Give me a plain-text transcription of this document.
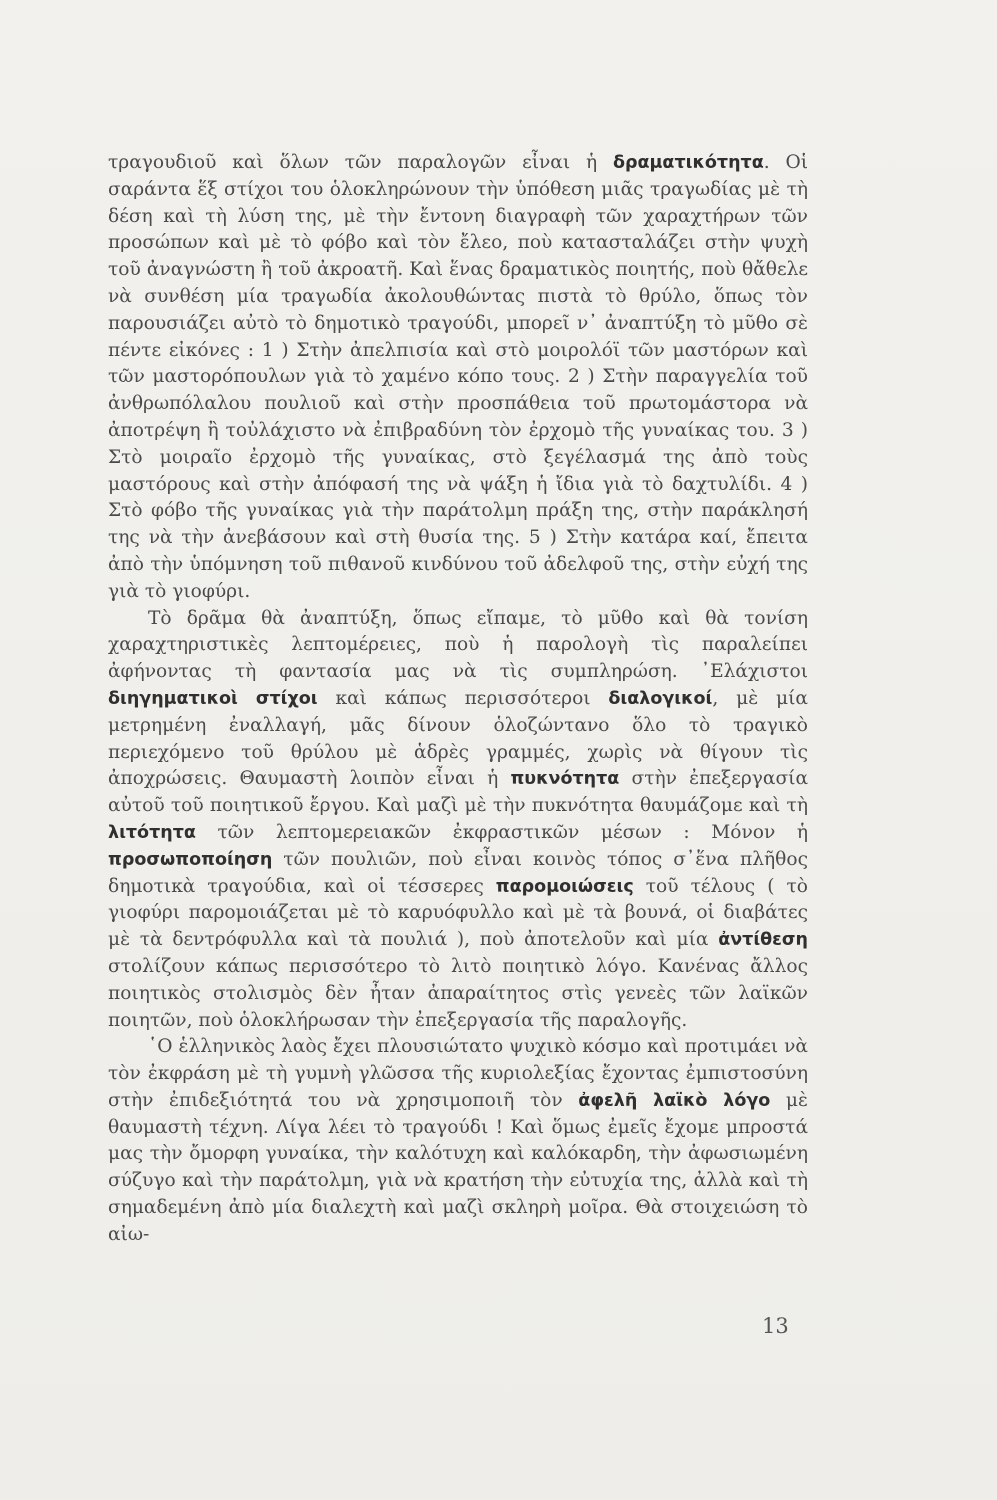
τραγουδιοῦ καὶ ὅλων τῶν παραλογῶν εἶναι ἡ δραματικότητα. Οἱ σαράντα ἕξ στίχοι του ὁλοκληρώνουν τὴν ὑπόθεση μιᾶς τραγωδίας μὲ τὴ δέση καὶ τὴ λύση της, μὲ τὴν ἔντονη διαγραφὴ τῶν χαραχτήρων τῶν προσώπων καὶ μὲ τὸ φόβο καὶ τὸν ἔλεο, ποὺ κατασταλάζει στὴν ψυχὴ τοῦ ἀναγνώστη ἢ τοῦ ἀκροατῆ. Καὶ ἕνας δραματικὸς ποιητής, ποὺ θἄθελε νὰ συνθέση μία τραγωδία ἀκολουθώντας πιστὰ τὸ θρύλο, ὅπως τὸν παρουσιάζει αὐτὸ τὸ δημοτικὸ τραγούδι, μπορεῖ ν᾽ ἀναπτύξη τὸ μῦθο σὲ πέντε εἰκόνες : 1 ) Στὴν ἀπελπισία καὶ στὸ μοιρολόϊ τῶν μαστόρων καὶ τῶν μαστορόπουλων γιὰ τὸ χαμένο κόπο τους. 2 ) Στὴν παραγγελία τοῦ ἀνθρωπόλαλου πουλιοῦ καὶ στὴν προσπάθεια τοῦ πρωτομάστορα νὰ ἀποτρέψη ἢ τοὐλάχιστο νὰ ἐπιβραδύνη τὸν ἐρχομὸ τῆς γυναίκας του. 3 ) Στὸ μοιραῖο ἐρχομὸ τῆς γυναίκας, στὸ ξεγέλασμά της ἀπὸ τοὺς μαστόρους καὶ στὴν ἀπόφασή της νὰ ψάξη ἡ ἴδια γιὰ τὸ δαχτυλίδι. 4 ) Στὸ φόβο τῆς γυναίκας γιὰ τὴν παράτολμη πράξη της, στὴν παράκλησή της νὰ τὴν ἀνεβάσουν καὶ στὴ θυσία της. 5 ) Στὴν κατάρα καί, ἔπειτα ἀπὸ τὴν ὑπόμνηση τοῦ πιθανοῦ κινδύνου τοῦ ἀδελφοῦ της, στὴν εὐχή της γιὰ τὸ γιοφύρι.

Τὸ δρᾶμα θὰ ἀναπτύξη, ὅπως εἴπαμε, τὸ μῦθο καὶ θὰ τονίση χαραχτηριστικὲς λεπτομέρειες, ποὺ ἡ παρολογὴ τὶς παραλείπει ἀφήνοντας τὴ φαντασία μας νὰ τὶς συμπληρώση. ᾿Ελάχιστοι διηγηματικοὶ στίχοι καὶ κάπως περισσότεροι διαλογικοί, μὲ μία μετρημένη ἐναλλαγή, μᾶς δίνουν ὁλοζώντανο ὅλο τὸ τραγικὸ περιεχόμενο τοῦ θρύλου μὲ ἁδρὲς γραμμές, χωρὶς νὰ θίγουν τὶς ἀποχρώσεις. Θαυμαστὴ λοιπὸν εἶναι ἡ πυκνότητα στὴν ἐπεξεργασία αὐτοῦ τοῦ ποιητικοῦ ἔργου. Καὶ μαζὶ μὲ τὴν πυκνότητα θαυμάζομε καὶ τὴ λιτότητα τῶν λεπτομερειακῶν ἐκφραστικῶν μέσων : Μόνον ἡ προσωποποίηση τῶν πουλιῶν, ποὺ εἶναι κοινὸς τόπος σ᾽ἕνα πλῆθος δημοτικὰ τραγούδια, καὶ οἱ τέσσερες παρομοιώσεις τοῦ τέλους ( τὸ γιοφύρι παρομοιάζεται μὲ τὸ καρυόφυλλο καὶ μὲ τὰ βουνά, οἱ διαβάτες μὲ τὰ δεντρόφυλλα καὶ τὰ πουλιά ), ποὺ ἀποτελοῦν καὶ μία ἀντίθεση στολίζουν κάπως περισσότερο τὸ λιτὸ ποιητικὸ λόγο. Κανένας ἄλλος ποιητικὸς στολισμὸς δὲν ἦταν ἀπαραίτητος στὶς γενεὲς τῶν λαϊκῶν ποιητῶν, ποὺ ὁλοκλήρωσαν τὴν ἐπεξεργασία τῆς παραλογῆς.

῾Ο ἑλληνικὸς λαὸς ἔχει πλουσιώτατο ψυχικὸ κόσμο καὶ προτιμάει νὰ τὸν ἐκφράση μὲ τὴ γυμνὴ γλῶσσα τῆς κυριολεξίας ἔχοντας ἐμπιστοσύνη στὴν ἐπιδεξιότητά του νὰ χρησιμοποιῆ τὸν ἀφελῆ λαϊκὸ λόγο μὲ θαυμαστὴ τέχνη. Λίγα λέει τὸ τραγούδι ! Καὶ ὅμως ἐμεῖς ἔχομε μπροστά μας τὴν ὄμορφη γυναίκα, τὴν καλότυχη καὶ καλόκαρδη, τὴν ἀφωσιωμένη σύζυγο καὶ τὴν παράτολμη, γιὰ νὰ κρατήση τὴν εὐτυχία της, ἀλλὰ καὶ τὴ σημαδεμένη ἀπὸ μία διαλεχτὴ καὶ μαζὶ σκληρὴ μοῖρα. Θὰ στοιχειώση τὸ αἰω-

13
